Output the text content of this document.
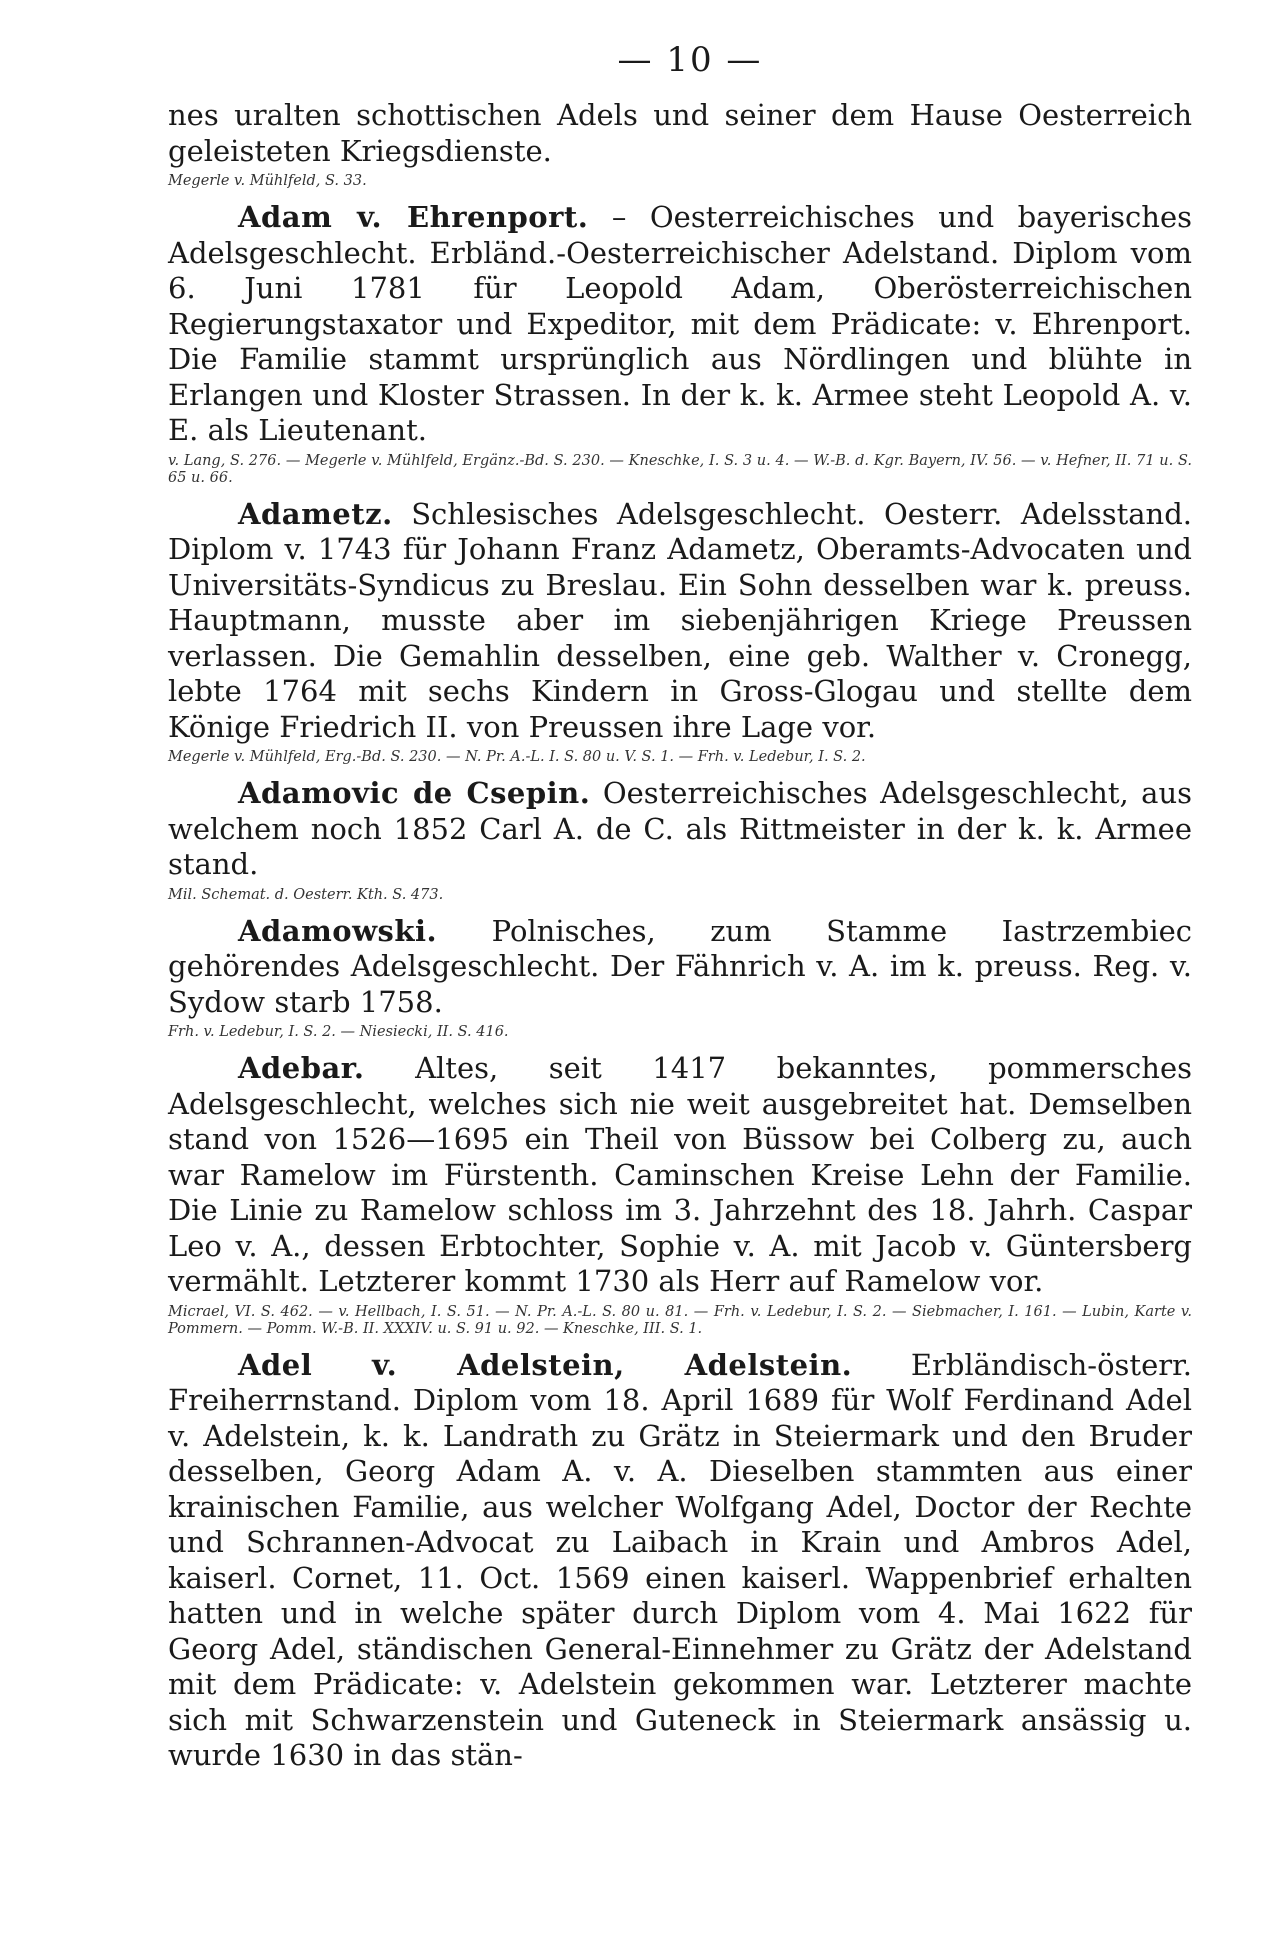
— 10 —

nes uralten schottischen Adels und seiner dem Hause Oesterreich geleisteten Kriegsdienste.

Megerle v. Mühlfeld, S. 33.

Adam v. Ehrenport. – Oesterreichisches und bayerisches Adelsgeschlecht. Erbländ.-Oesterreichischer Adelstand. Diplom vom 6. Juni 1781 für Leopold Adam, Oberösterreichischen Regierungstaxator und Expeditor, mit dem Prädicate: v. Ehrenport. Die Familie stammt ursprünglich aus Nördlingen und blühte in Erlangen und Kloster Strassen. In der k. k. Armee steht Leopold A. v. E. als Lieutenant.

v. Lang, S. 276. — Megerle v. Mühlfeld, Ergänz.-Bd. S. 230. — Kneschke, I. S. 3 u. 4. — W.-B. d. Kgr. Bayern, IV. 56. — v. Hefner, II. 71 u. S. 65 u. 66.

Adametz. Schlesisches Adelsgeschlecht. Oesterr. Adelsstand. Diplom v. 1743 für Johann Franz Adametz, Oberamts-Advocaten und Universitäts-Syndicus zu Breslau. Ein Sohn desselben war k. preuss. Hauptmann, musste aber im siebenjährigen Kriege Preussen verlassen. Die Gemahlin desselben, eine geb. Walther v. Cronegg, lebte 1764 mit sechs Kindern in Gross-Glogau und stellte dem Könige Friedrich II. von Preussen ihre Lage vor.

Megerle v. Mühlfeld, Erg.-Bd. S. 230. — N. Pr. A.-L. I. S. 80 u. V. S. 1. — Frh. v. Ledebur, I. S. 2.

Adamovic de Csepin. Oesterreichisches Adelsgeschlecht, aus welchem noch 1852 Carl A. de C. als Rittmeister in der k. k. Armee stand.

Mil. Schemat. d. Oesterr. Kth. S. 473.

Adamowski. Polnisches, zum Stamme Iastrzembiec gehörendes Adelsgeschlecht. Der Fähnrich v. A. im k. preuss. Reg. v. Sydow starb 1758.

Frh. v. Ledebur, I. S. 2. — Niesiecki, II. S. 416.

Adebar. Altes, seit 1417 bekanntes, pommersches Adelsgeschlecht, welches sich nie weit ausgebreitet hat. Demselben stand von 1526—1695 ein Theil von Büssow bei Colberg zu, auch war Ramelow im Fürstenth. Caminschen Kreise Lehn der Familie. Die Linie zu Ramelow schloss im 3. Jahrzehnt des 18. Jahrh. Caspar Leo v. A., dessen Erbtochter, Sophie v. A. mit Jacob v. Güntersberg vermählt. Letzterer kommt 1730 als Herr auf Ramelow vor.

Micrael, VI. S. 462. — v. Hellbach, I. S. 51. — N. Pr. A.-L. S. 80 u. 81. — Frh. v. Ledebur, I. S. 2. — Siebmacher, I. 161. — Lubin, Karte v. Pommern. — Pomm. W.-B. II. XXXIV. u. S. 91 u. 92. — Kneschke, III. S. 1.

Adel v. Adelstein, Adelstein. Erbländisch-österr. Freiherrnstand. Diplom vom 18. April 1689 für Wolf Ferdinand Adel v. Adelstein, k. k. Landrath zu Grätz in Steiermark und den Bruder desselben, Georg Adam A. v. A. Dieselben stammten aus einer krainischen Familie, aus welcher Wolfgang Adel, Doctor der Rechte und Schrannen-Advocat zu Laibach in Krain und Ambros Adel, kaiserl. Cornet, 11. Oct. 1569 einen kaiserl. Wappenbrief erhalten hatten und in welche später durch Diplom vom 4. Mai 1622 für Georg Adel, ständischen General-Einnehmer zu Grätz der Adelstand mit dem Prädicate: v. Adelstein gekommen war. Letzterer machte sich mit Schwarzenstein und Guteneck in Steiermark ansässig u. wurde 1630 in das stän-
